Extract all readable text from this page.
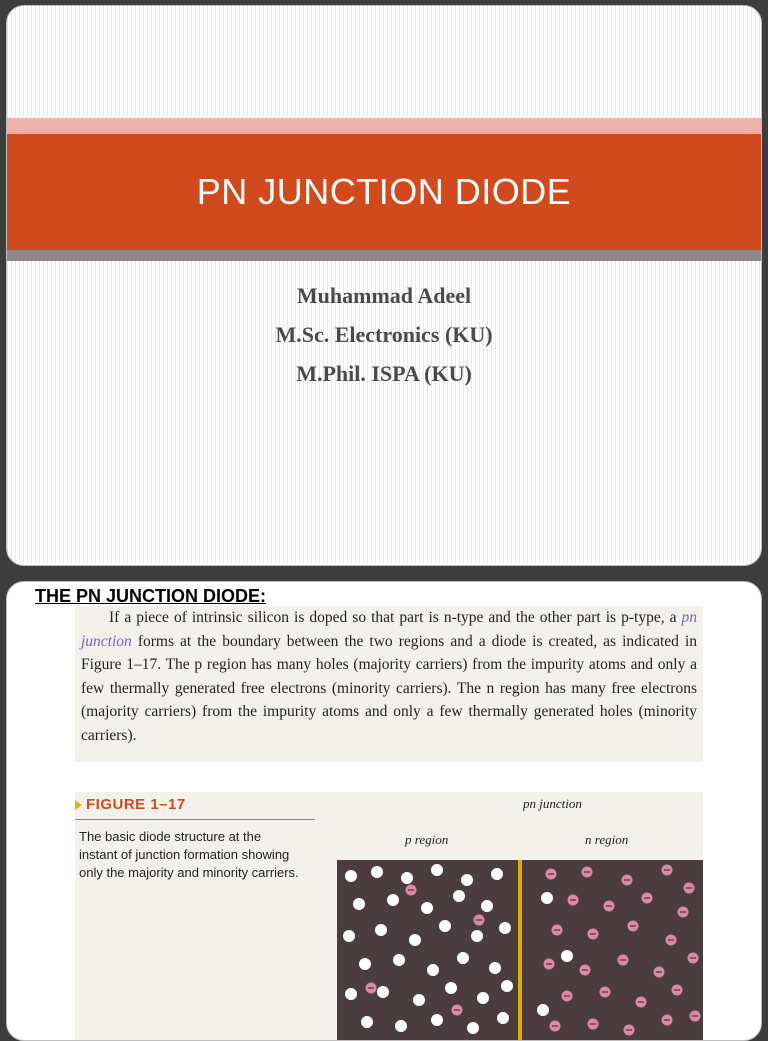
PN JUNCTION DIODE
Muhammad Adeel
M.Sc. Electronics (KU)
M.Phil. ISPA (KU)
THE PN JUNCTION DIODE:
If a piece of intrinsic silicon is doped so that part is n-type and the other part is p-type, a pn junction forms at the boundary between the two regions and a diode is created, as indicated in Figure 1–17. The p region has many holes (majority carriers) from the impurity atoms and only a few thermally generated free electrons (minority carriers). The n region has many free electrons (majority carriers) from the impurity atoms and only a few thermally generated holes (minority carriers).
FIGURE 1–17
The basic diode structure at the instant of junction formation showing only the majority and minority carriers.
pn junction
p region	n region
